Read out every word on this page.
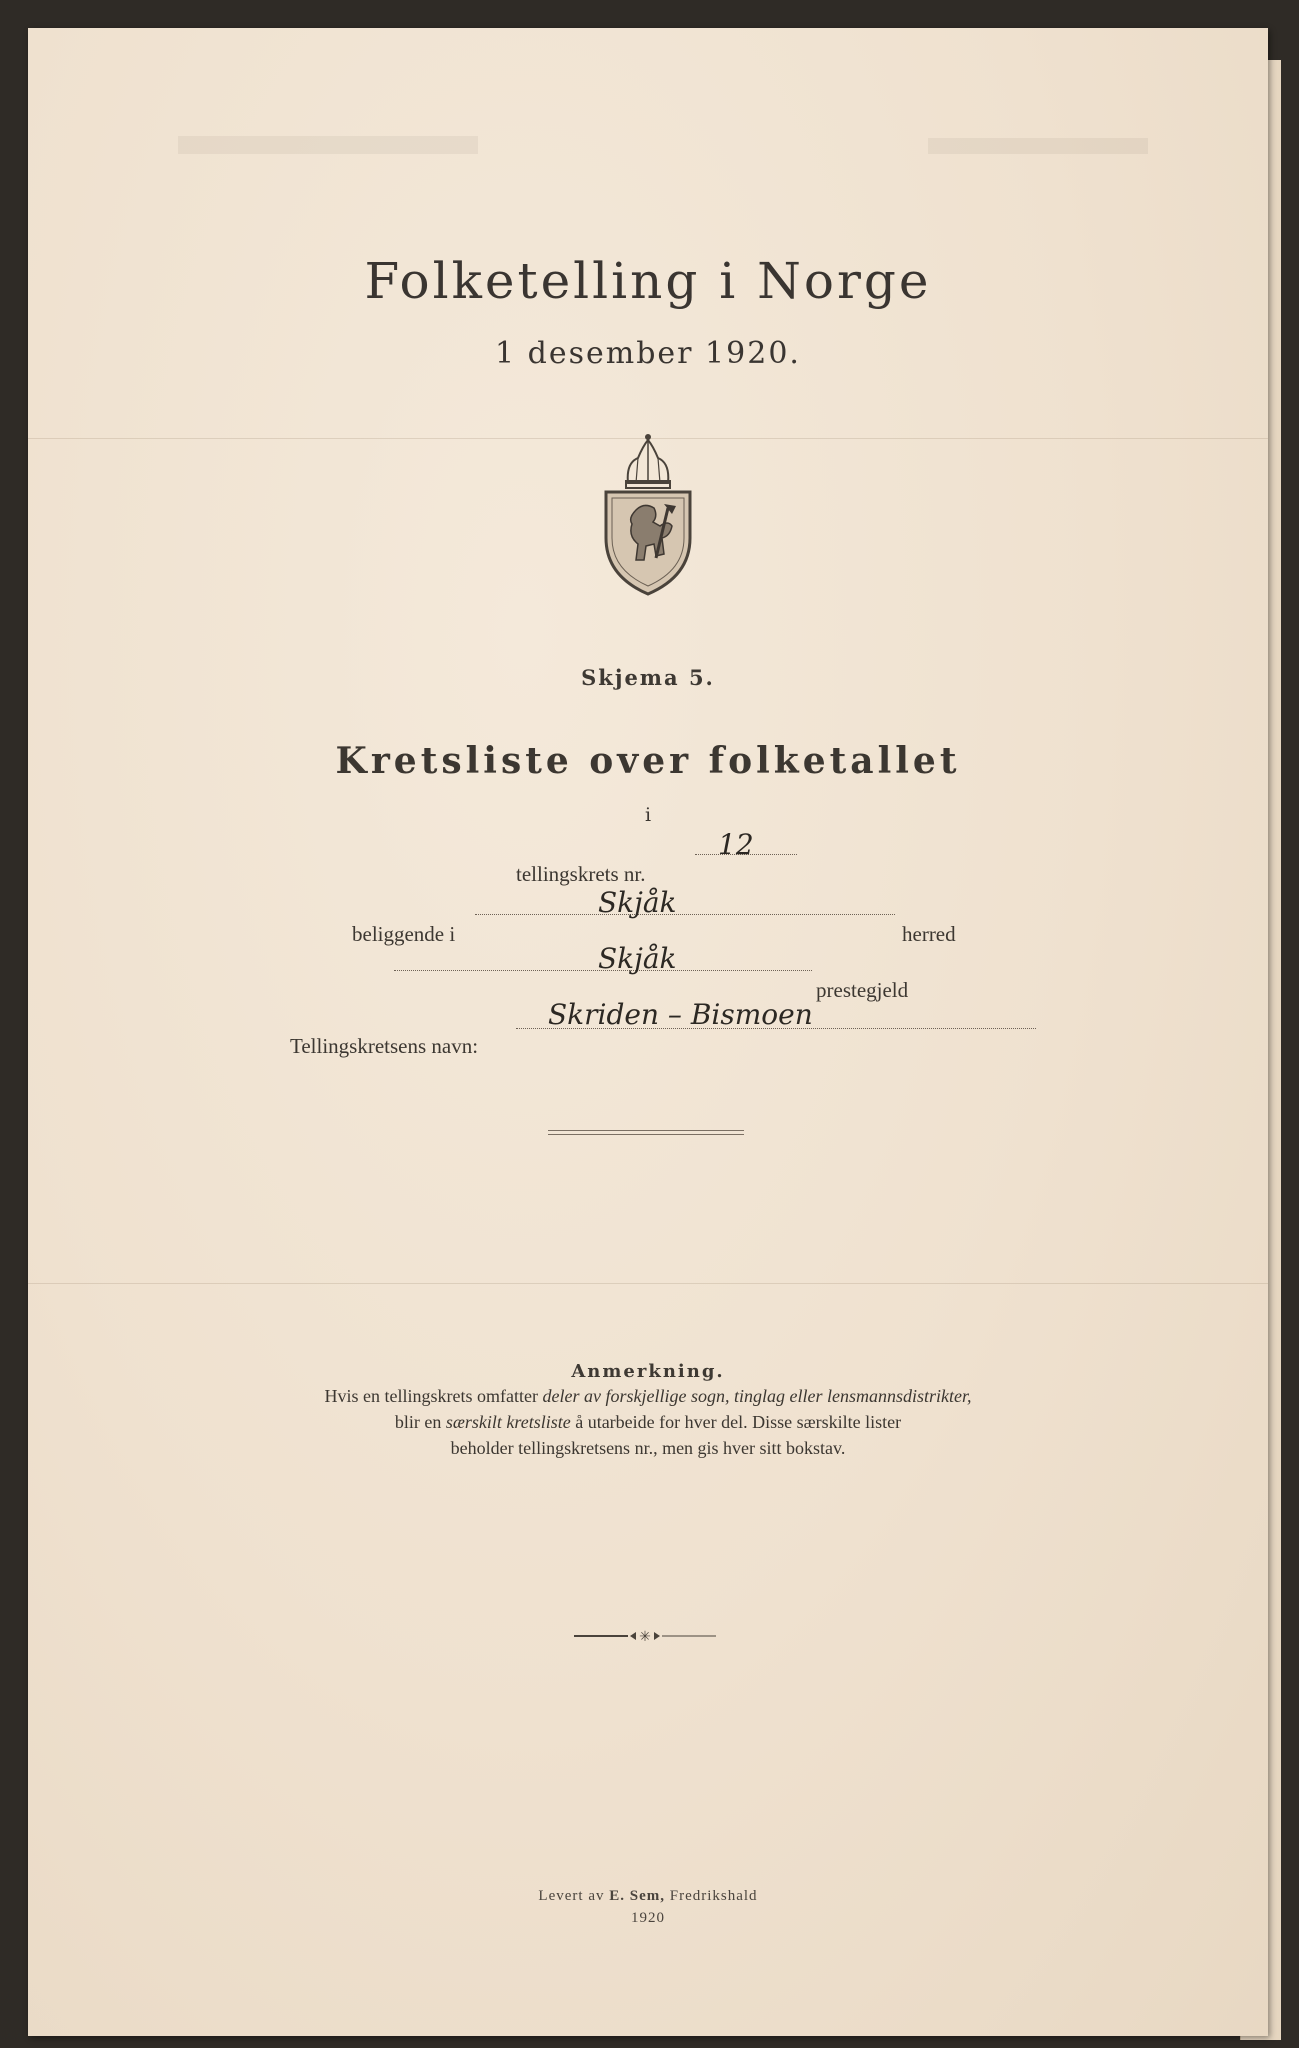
Folketelling i Norge
1 desember 1920.
Skjema 5.
Kretsliste over folketallet
i
tellingskrets nr.
12
beliggende i
Skjåk
herred
Skjåk
prestegjeld
Tellingskretsens navn:
Skriden – Bismoen
Anmerkning.
Hvis en tellingskrets omfatter deler av forskjellige sogn, tinglag eller lensmannsdistrikter,
blir en særskilt kretsliste å utarbeide for hver del. Disse særskilte lister
beholder tellingskretsens nr., men gis hver sitt bokstav.
✳
Levert av E. Sem, Fredrikshald
1920
